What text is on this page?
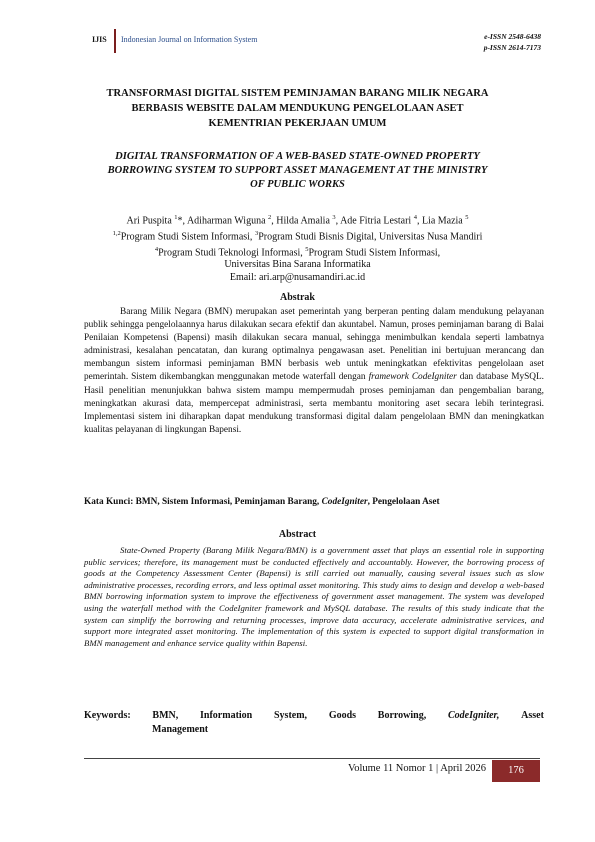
IJIS Indonesian Journal on Information System	e-ISSN 2548-6438
p-ISSN 2614-7173
TRANSFORMASI DIGITAL SISTEM PEMINJAMAN BARANG MILIK NEGARA
BERBASIS WEBSITE DALAM MENDUKUNG PENGELOLAAN ASET
KEMENTRIAN PEKERJAAN UMUM
DIGITAL TRANSFORMATION OF A WEB-BASED STATE-OWNED PROPERTY
BORROWING SYSTEM TO SUPPORT ASSET MANAGEMENT AT THE MINISTRY
OF PUBLIC WORKS
Ari Puspita $^1$*, Adiharman Wiguna $^2$, Hilda Amalia $^3$, Ade Fitria Lestari $^4$, Lia Mazia $^5$
$^{1,2}$Program Studi Sistem Informasi, $^3$Program Studi Bisnis Digital, Universitas Nusa Mandiri
$^4$Program Studi Teknologi Informasi, $^5$Program Studi Sistem Informasi,
Universitas Bina Sarana Informatika
Email: ari.arp@nusamandiri.ac.id
Abstrak
Barang Milik Negara (BMN) merupakan aset pemerintah yang berperan penting dalam mendukung pelayanan publik sehingga pengelolaannya harus dilakukan secara efektif dan akuntabel. Namun, proses peminjaman barang di Balai Penilaian Kompetensi (Bapensi) masih dilakukan secara manual, sehingga menimbulkan kendala seperti lambatnya administrasi, kesalahan pencatatan, dan kurang optimalnya pengawasan aset. Penelitian ini bertujuan merancang dan membangun sistem informasi peminjaman BMN berbasis web untuk meningkatkan efektivitas pengelolaan aset pemerintah. Sistem dikembangkan menggunakan metode waterfall dengan framework CodeIgniter dan database MySQL. Hasil penelitian menunjukkan bahwa sistem mampu mempermudah proses peminjaman dan pengembalian barang, meningkatkan akurasi data, mempercepat administrasi, serta membantu monitoring aset secara lebih terintegrasi. Implementasi sistem ini diharapkan dapat mendukung transformasi digital dalam pengelolaan BMN dan meningkatkan kualitas pelayanan di lingkungan Bapensi.
Kata Kunci: BMN, Sistem Informasi, Peminjaman Barang, CodeIgniter, Pengelolaan Aset
Abstract
State-Owned Property (Barang Milik Negara/BMN) is a government asset that plays an essential role in supporting public services; therefore, its management must be conducted effectively and accountably. However, the borrowing process of goods at the Competency Assessment Center (Bapensi) is still carried out manually, causing several issues such as slow administrative processes, recording errors, and less optimal asset monitoring. This study aims to design and develop a web-based BMN borrowing information system to improve the effectiveness of government asset management. The system was developed using the waterfall method with the CodeIgniter framework and MySQL database. The results of this study indicate that the system can simplify the borrowing and returning processes, improve data accuracy, accelerate administrative services, and support more integrated asset monitoring. The implementation of this system is expected to support digital transformation in BMN management and enhance service quality within Bapensi.
Keywords: BMN, Information System, Goods Borrowing, CodeIgniter, Asset
Management
Volume 11 Nomor 1 | April 2026	176
